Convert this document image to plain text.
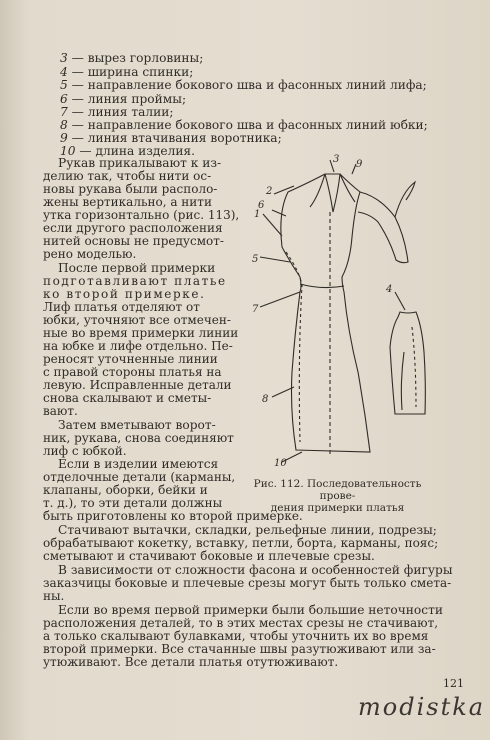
3 — вырез горловины;
4 — ширина спинки;
5 — направление бокового шва и фасонных линий лифа;
6 — линия проймы;
7 — линия талии;
8 — направление бокового шва и фасонных линий юбки;
9 — линия втачивания воротника;
10 — длина изделия.
Рукав прикалывают к из-
делию так, чтобы нити ос-
новы рукава были располо-
жены вертикально, а нити
утка горизонтально (рис. 113),
если другого расположения
нитей основы не предусмот-
рено моделью.
После первой примерки
подготавливают платье
ко второй примерке.
Лиф платья отделяют от
юбки, уточняют все отмечен-
ные во время примерки линии
на юбке и лифе отдельно. Пе-
реносят уточненные линии
с правой стороны платья на
левую. Исправленные детали
снова скалывают и сметы-
вают.
Затем вметывают ворот-
ник, рукава, снова соединяют
лиф с юбкой.
Если в изделии имеются
отделочные детали (карманы,
клапаны, оборки, бейки и
т. д.), то эти детали должны
быть приготовлены ко второй примерке.
Стачивают вытачки, складки, рельефные линии, подрезы;
обрабатывают кокетку, вставку, петли, борта, карманы, пояс;
сметывают и стачивают боковые и плечевые срезы.
В зависимости от сложности фасона и особенностей фигуры
заказчицы боковые и плечевые срезы могут быть только смета-
ны.
Если во время первой примерки были большие неточности
расположения деталей, то в этих местах срезы не стачивают,
а только скалывают булавками, чтобы уточнить их во время
второй примерки. Все стачанные швы разутюживают или за-
утюживают. Все детали платья отутюживают.
1
2
3
4
5
6
7
8
9
10
Рис. 112. Последовательность прове-
дения примерки платья
121
modistka
